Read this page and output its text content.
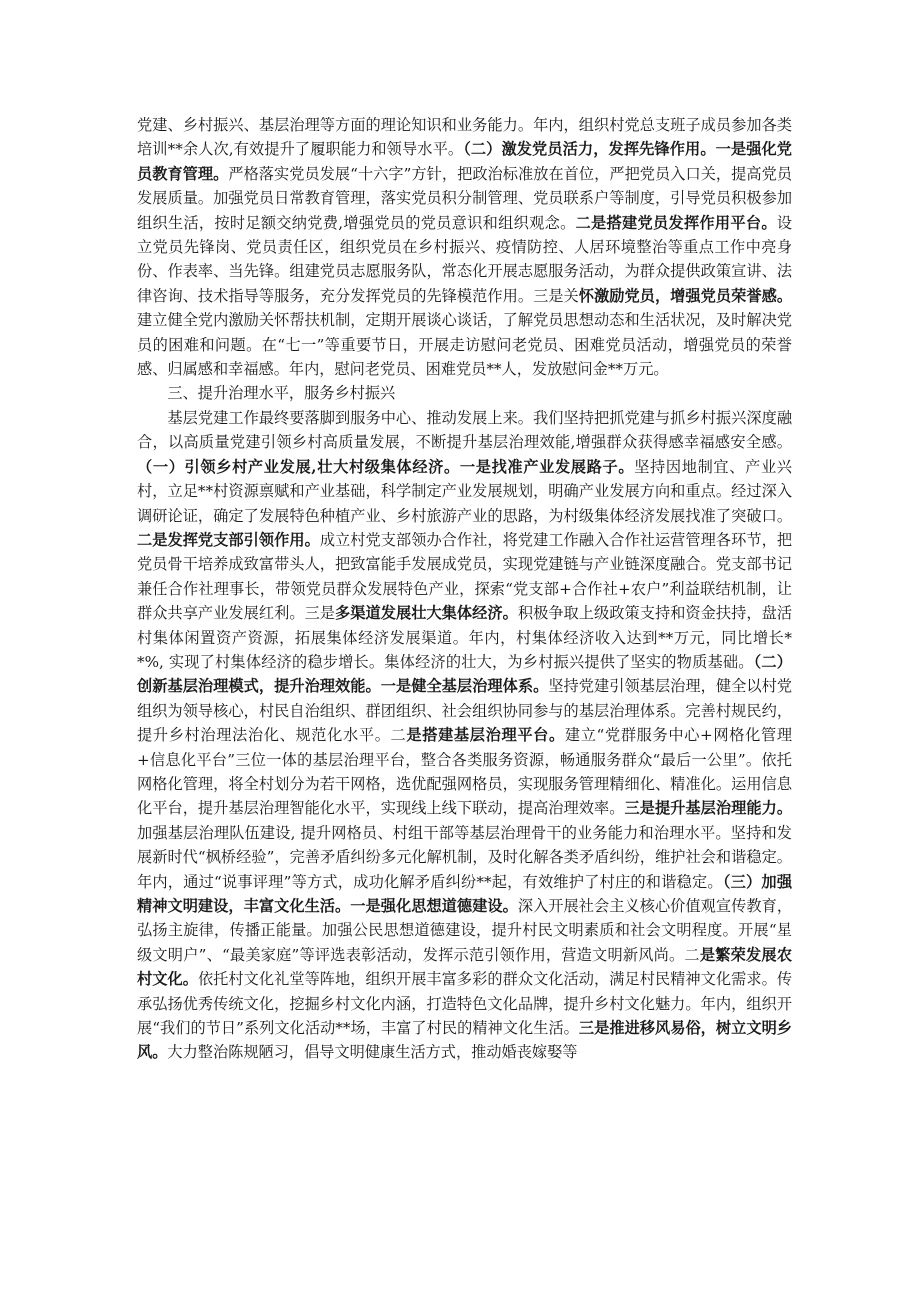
党建、乡村振兴、基层治理等方面的理论知识和业务能力。年内，组织村党总支班子成员参加各类培训**余人次,有效提升了履职能力和领导水平。（二）激发党员活力，发挥先锋作用。一是强化党员教育管理。严格落实党员发展“十六字”方针，把政治标准放在首位，严把党员入口关，提高党员发展质量。加强党员日常教育管理，落实党员积分制管理、党员联系户等制度，引导党员积极参加组织生活，按时足额交纳党费,增强党员的党员意识和组织观念。二是搭建党员发挥作用平台。设立党员先锋岗、党员责任区，组织党员在乡村振兴、疫情防控、人居环境整治等重点工作中亮身份、作表率、当先锋。组建党员志愿服务队，常态化开展志愿服务活动，为群众提供政策宣讲、法律咨询、技术指导等服务，充分发挥党员的先锋模范作用。三是关怀激励党员，增强党员荣誉感。建立健全党内激励关怀帮扶机制，定期开展谈心谈话，了解党员思想动态和生活状况，及时解决党员的困难和问题。在“七一”等重要节日，开展走访慰问老党员、困难党员活动，增强党员的荣誉感、归属感和幸福感。年内，慰问老党员、困难党员**人，发放慰问金**万元。

三、提升治理水平，服务乡村振兴

基层党建工作最终要落脚到服务中心、推动发展上来。我们坚持把抓党建与抓乡村振兴深度融合，以高质量党建引领乡村高质量发展，不断提升基层治理效能,增强群众获得感幸福感安全感。（一）引领乡村产业发展,壮大村级集体经济。一是找准产业发展路子。坚持因地制宜、产业兴村，立足**村资源禀赋和产业基础，科学制定产业发展规划，明确产业发展方向和重点。经过深入调研论证，确定了发展特色种植产业、乡村旅游产业的思路，为村级集体经济发展找准了突破口。二是发挥党支部引领作用。成立村党支部领办合作社，将党建工作融入合作社运营管理各环节，把党员骨干培养成致富带头人，把致富能手发展成党员，实现党建链与产业链深度融合。党支部书记兼任合作社理事长，带领党员群众发展特色产业，探索“党支部+合作社+农户”利益联结机制，让群众共享产业发展红利。三是多渠道发展壮大集体经济。积极争取上级政策支持和资金扶持，盘活村集体闲置资产资源，拓展集体经济发展渠道。年内，村集体经济收入达到**万元，同比增长**%, 实现了村集体经济的稳步增长。集体经济的壮大，为乡村振兴提供了坚实的物质基础。（二）创新基层治理模式，提升治理效能。一是健全基层治理体系。坚持党建引领基层治理，健全以村党组织为领导核心，村民自治组织、群团组织、社会组织协同参与的基层治理体系。完善村规民约，提升乡村治理法治化、规范化水平。二是搭建基层治理平台。建立“党群服务中心+网格化管理+信息化平台”三位一体的基层治理平台，整合各类服务资源，畅通服务群众“最后一公里”。依托网格化管理，将全村划分为若干网格，选优配强网格员，实现服务管理精细化、精准化。运用信息化平台，提升基层治理智能化水平，实现线上线下联动，提高治理效率。三是提升基层治理能力。加强基层治理队伍建设, 提升网格员、村组干部等基层治理骨干的业务能力和治理水平。坚持和发展新时代“枫桥经验”，完善矛盾纠纷多元化解机制，及时化解各类矛盾纠纷，维护社会和谐稳定。年内，通过“说事评理”等方式，成功化解矛盾纠纷**起，有效维护了村庄的和谐稳定。（三）加强精神文明建设，丰富文化生活。一是强化思想道德建设。深入开展社会主义核心价值观宣传教育，弘扬主旋律，传播正能量。加强公民思想道德建设，提升村民文明素质和社会文明程度。开展“星级文明户”、“最美家庭”等评选表彰活动，发挥示范引领作用，营造文明新风尚。二是繁荣发展农村文化。依托村文化礼堂等阵地，组织开展丰富多彩的群众文化活动，满足村民精神文化需求。传承弘扬优秀传统文化，挖掘乡村文化内涵，打造特色文化品牌，提升乡村文化魅力。年内，组织开展“我们的节日”系列文化活动**场，丰富了村民的精神文化生活。三是推进移风易俗，树立文明乡风。大力整治陈规陋习，倡导文明健康生活方式，推动婚丧嫁娶等
